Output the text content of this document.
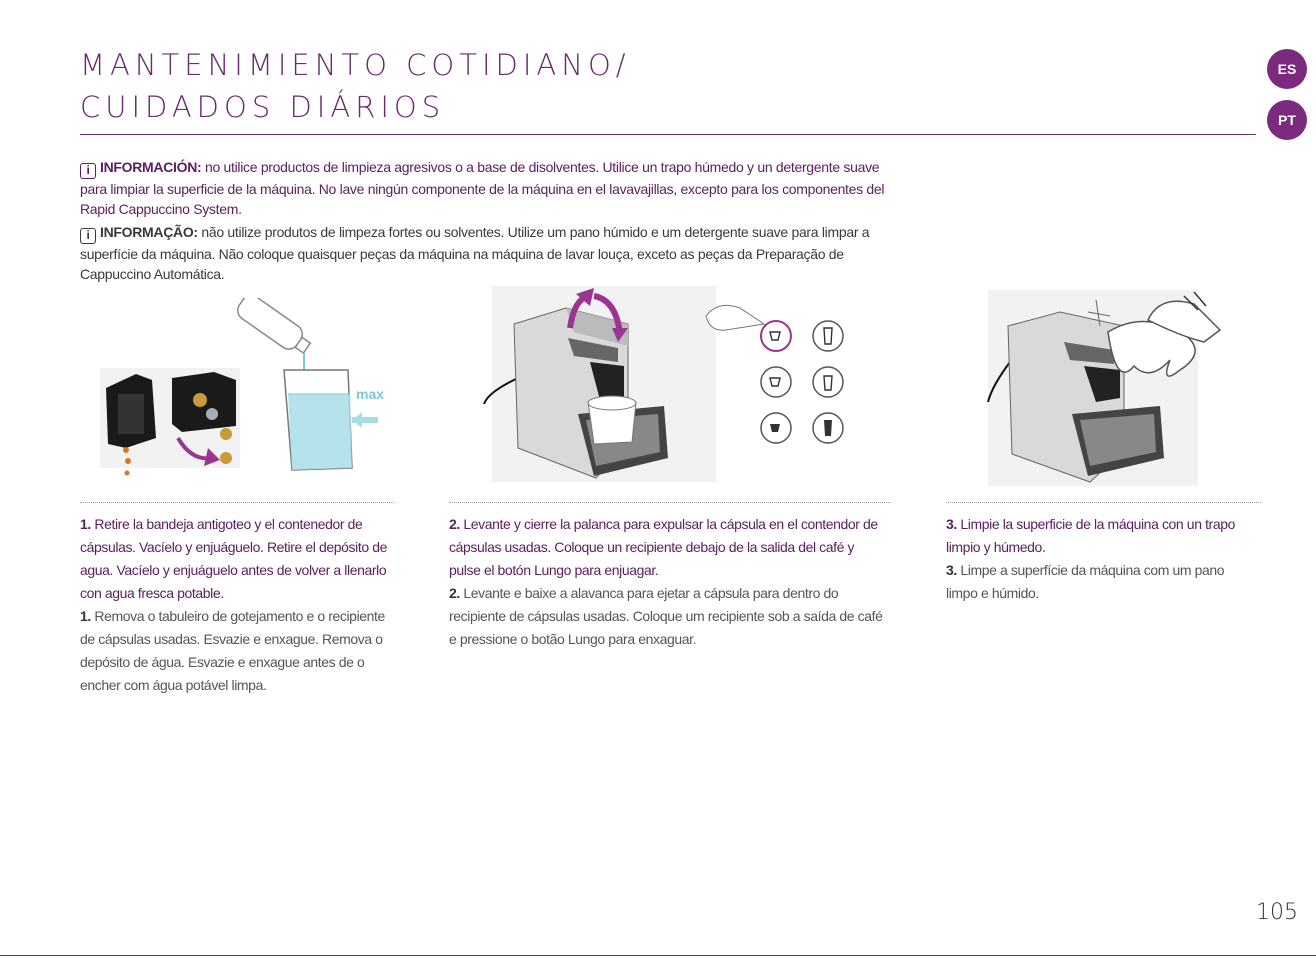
MANTENIMIENTO COTIDIANO/
CUIDADOS DIÁRIOS
ES
PT
i INFORMACIÓN: no utilice productos de limpieza agresivos o a base de disolventes. Utilice un trapo húmedo y un detergente suave para limpiar la superficie de la máquina. No lave ningún componente de la máquina en el lavavajillas, excepto para los componentes del Rapid Cappuccino System.
i INFORMAÇÃO: não utilize produtos de limpeza fortes ou solventes. Utilize um pano húmido e um detergente suave para limpar a superfície da máquina. Não coloque quaisquer peças da máquina na máquina de lavar louça, exceto as peças da Preparação de Cappuccino Automática.
max

1. Retire la bandeja antigoteo y el contenedor de cápsulas. Vacíelo y enjuáguelo. Retire el depósito de agua. Vacíelo y enjuáguelo antes de volver a llenarlo con agua fresca potable.

1. Remova o tabuleiro de gotejamento e o recipiente de cápsulas usadas. Esvazie e enxague. Remova o depósito de água. Esvazie e enxague antes de o encher com água potável limpa.

2. Levante y cierre la palanca para expulsar la cápsula en el contendor de cápsulas usadas. Coloque un recipiente debajo de la salida del café y pulse el botón Lungo para enjuagar.

2. Levante e baixe a alavanca para ejetar a cápsula para dentro do recipiente de cápsulas usadas. Coloque um recipiente sob a saída de café e pressione o botão Lungo para enxaguar.

3. Limpie la superficie de la máquina con un trapo limpio y húmedo.

3. Limpe a superfície da máquina com um pano limpo e húmido.

105
